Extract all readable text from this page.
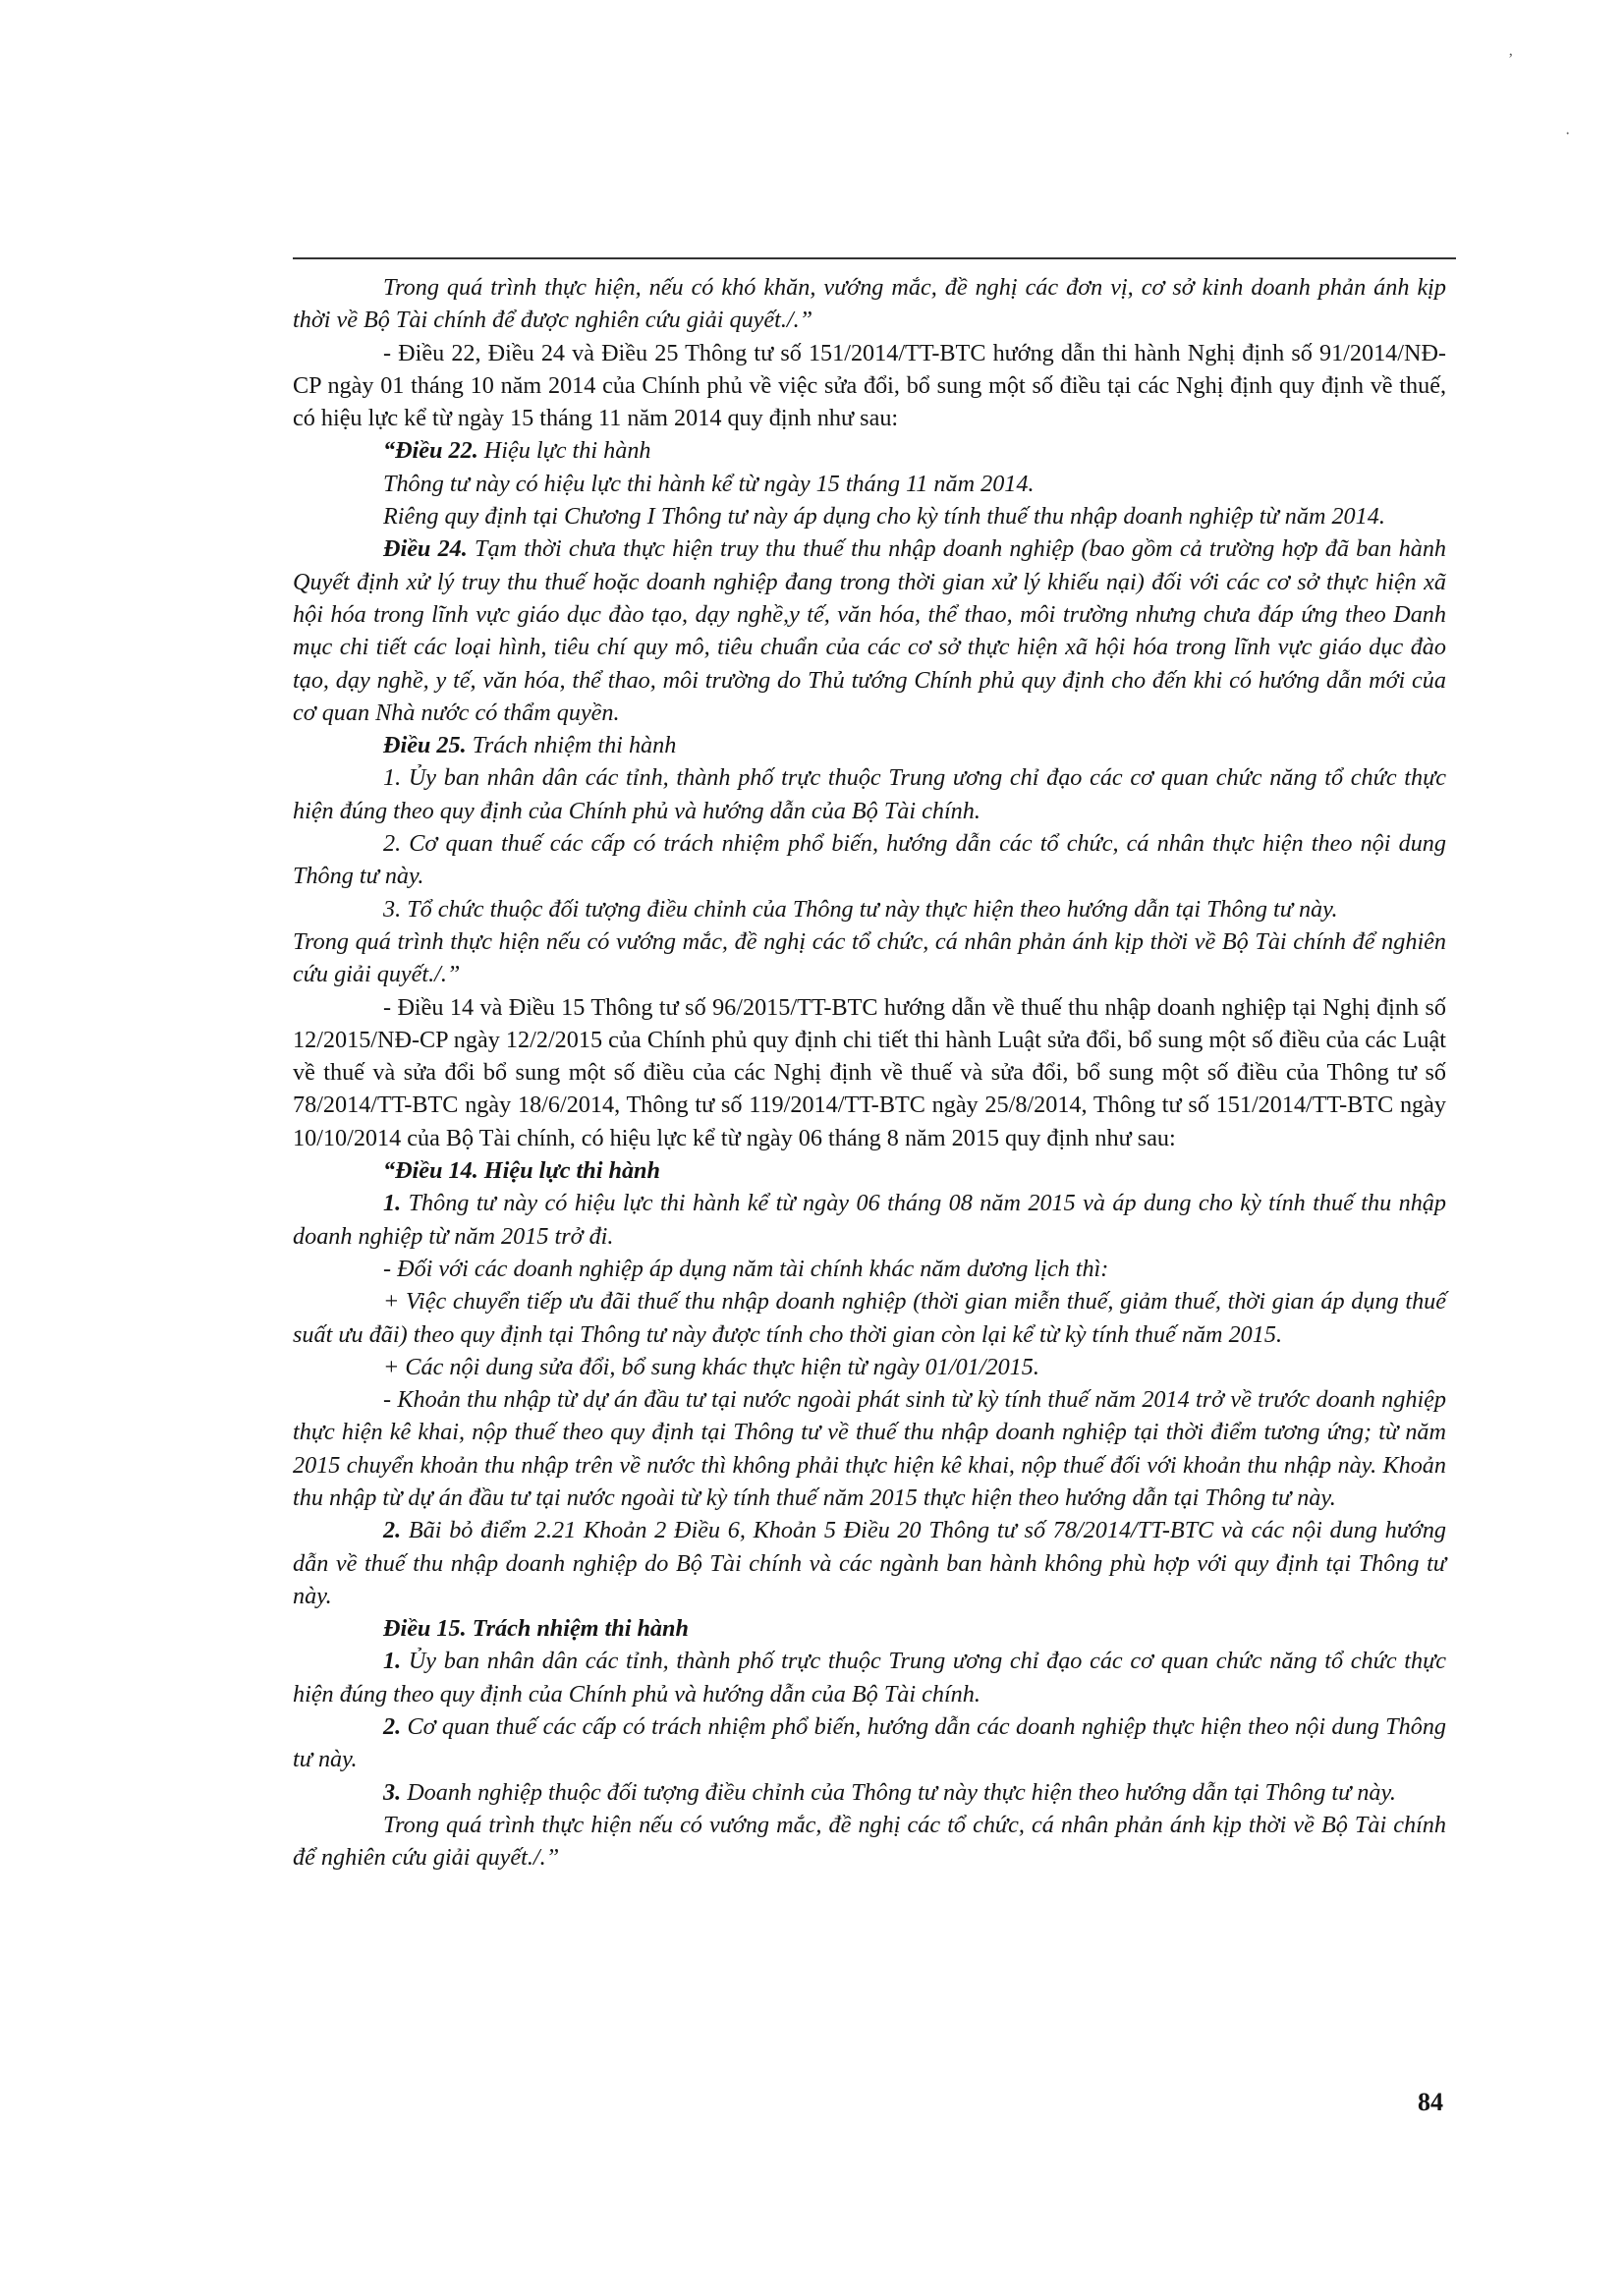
’
·

Trong quá trình thực hiện, nếu có khó khăn, vướng mắc, đề nghị các đơn vị, cơ sở kinh doanh phản ánh kịp thời về Bộ Tài chính để được nghiên cứu giải quyết./.”

- Điều 22, Điều 24 và Điều 25 Thông tư số 151/2014/TT-BTC hướng dẫn thi hành Nghị định số 91/2014/NĐ-CP ngày 01 tháng 10 năm 2014 của Chính phủ về việc sửa đổi, bổ sung một số điều tại các Nghị định quy định về thuế, có hiệu lực kể từ ngày 15 tháng 11 năm 2014 quy định như sau:

“Điều 22. Hiệu lực thi hành

Thông tư này có hiệu lực thi hành kể từ ngày 15 tháng 11 năm 2014.

Riêng quy định tại Chương I Thông tư này áp dụng cho kỳ tính thuế thu nhập doanh nghiệp từ năm 2014.

Điều 24. Tạm thời chưa thực hiện truy thu thuế thu nhập doanh nghiệp (bao gồm cả trường hợp đã ban hành Quyết định xử lý truy thu thuế hoặc doanh nghiệp đang trong thời gian xử lý khiếu nại) đối với các cơ sở thực hiện xã hội hóa trong lĩnh vực giáo dục đào tạo, dạy nghề,y tế, văn hóa, thể thao, môi trường nhưng chưa đáp ứng theo Danh mục chi tiết các loại hình, tiêu chí quy mô, tiêu chuẩn của các cơ sở thực hiện xã hội hóa trong lĩnh vực giáo dục đào tạo, dạy nghề, y tế, văn hóa, thể thao, môi trường do Thủ tướng Chính phủ quy định cho đến khi có hướng dẫn mới của cơ quan Nhà nước có thẩm quyền.

Điều 25. Trách nhiệm thi hành

1. Ủy ban nhân dân các tỉnh, thành phố trực thuộc Trung ương chỉ đạo các cơ quan chức năng tổ chức thực hiện đúng theo quy định của Chính phủ và hướng dẫn của Bộ Tài chính.

2. Cơ quan thuế các cấp có trách nhiệm phổ biến, hướng dẫn các tổ chức, cá nhân thực hiện theo nội dung Thông tư này.

3. Tổ chức thuộc đối tượng điều chỉnh của Thông tư này thực hiện theo hướng dẫn tại Thông tư này.

Trong quá trình thực hiện nếu có vướng mắc, đề nghị các tổ chức, cá nhân phản ánh kịp thời về Bộ Tài chính để nghiên cứu giải quyết./.”

- Điều 14 và Điều 15 Thông tư số 96/2015/TT-BTC hướng dẫn về thuế thu nhập doanh nghiệp tại Nghị định số 12/2015/NĐ-CP ngày 12/2/2015 của Chính phủ quy định chi tiết thi hành Luật sửa đổi, bổ sung một số điều của các Luật về thuế và sửa đổi bổ sung một số điều của các Nghị định về thuế và sửa đổi, bổ sung một số điều của Thông tư số 78/2014/TT-BTC ngày 18/6/2014, Thông tư số 119/2014/TT-BTC ngày 25/8/2014, Thông tư số 151/2014/TT-BTC ngày 10/10/2014 của Bộ Tài chính, có hiệu lực kể từ ngày 06 tháng 8 năm 2015 quy định như sau:

“Điều 14. Hiệu lực thi hành

1. Thông tư này có hiệu lực thi hành kể từ ngày 06 tháng 08 năm 2015 và áp dung cho kỳ tính thuế thu nhập doanh nghiệp từ năm 2015 trở đi.

- Đối với các doanh nghiệp áp dụng năm tài chính khác năm dương lịch thì:

+ Việc chuyển tiếp ưu đãi thuế thu nhập doanh nghiệp (thời gian miễn thuế, giảm thuế, thời gian áp dụng thuế suất ưu đãi) theo quy định tại Thông tư này được tính cho thời gian còn lại kể từ kỳ tính thuế năm 2015.

+ Các nội dung sửa đổi, bổ sung khác thực hiện từ ngày 01/01/2015.

- Khoản thu nhập từ dự án đầu tư tại nước ngoài phát sinh từ kỳ tính thuế năm 2014 trở về trước doanh nghiệp thực hiện kê khai, nộp thuế theo quy định tại Thông tư về thuế thu nhập doanh nghiệp tại thời điểm tương ứng; từ năm 2015 chuyển khoản thu nhập trên về nước thì không phải thực hiện kê khai, nộp thuế đối với khoản thu nhập này. Khoản thu nhập từ dự án đầu tư tại nước ngoài từ kỳ tính thuế năm 2015 thực hiện theo hướng dẫn tại Thông tư này.

2. Bãi bỏ điểm 2.21 Khoản 2 Điều 6, Khoản 5 Điều 20 Thông tư số 78/2014/TT-BTC và các nội dung hướng dẫn về thuế thu nhập doanh nghiệp do Bộ Tài chính và các ngành ban hành không phù hợp với quy định tại Thông tư này.

Điều 15. Trách nhiệm thi hành

1. Ủy ban nhân dân các tỉnh, thành phố trực thuộc Trung ương chỉ đạo các cơ quan chức năng tổ chức thực hiện đúng theo quy định của Chính phủ và hướng dẫn của Bộ Tài chính.

2. Cơ quan thuế các cấp có trách nhiệm phổ biến, hướng dẫn các doanh nghiệp thực hiện theo nội dung Thông tư này.

3. Doanh nghiệp thuộc đối tượng điều chỉnh của Thông tư này thực hiện theo hướng dẫn tại Thông tư này.

Trong quá trình thực hiện nếu có vướng mắc, đề nghị các tổ chức, cá nhân phản ánh kịp thời về Bộ Tài chính để nghiên cứu giải quyết./.”

84
